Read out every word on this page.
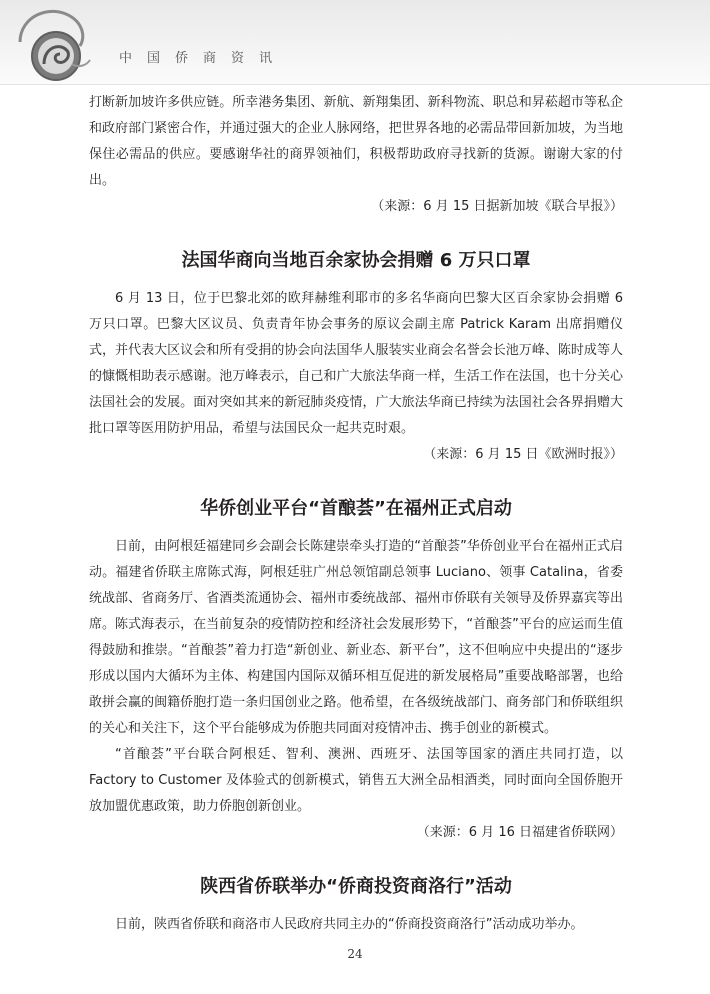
中国侨商资讯

打断新加坡许多供应链。所幸港务集团、新航、新翔集团、新科物流、职总和昇菘超市等私企和政府部门紧密合作，并通过强大的企业人脉网络，把世界各地的必需品带回新加坡，为当地保住必需品的供应。要感谢华社的商界领袖们，积极帮助政府寻找新的货源。谢谢大家的付出。

（来源：6 月 15 日据新加坡《联合早报》）

法国华商向当地百余家协会捐赠 6 万只口罩

6 月 13 日，位于巴黎北郊的欧拜赫维利耶市的多名华商向巴黎大区百余家协会捐赠 6 万只口罩。巴黎大区议员、负责青年协会事务的原议会副主席 Patrick Karam 出席捐赠仪式，并代表大区议会和所有受捐的协会向法国华人服装实业商会名誉会长池万峰、陈时成等人的慷慨相助表示感谢。池万峰表示，自己和广大旅法华商一样，生活工作在法国，也十分关心法国社会的发展。面对突如其来的新冠肺炎疫情，广大旅法华商已持续为法国社会各界捐赠大批口罩等医用防护用品，希望与法国民众一起共克时艰。

（来源：6 月 15 日《欧洲时报》）

华侨创业平台“首酿荟”在福州正式启动

日前，由阿根廷福建同乡会副会长陈建崇牵头打造的“首酿荟”华侨创业平台在福州正式启动。福建省侨联主席陈式海，阿根廷驻广州总领馆副总领事 Luciano、领事 Catalina，省委统战部、省商务厅、省酒类流通协会、福州市委统战部、福州市侨联有关领导及侨界嘉宾等出席。陈式海表示，在当前复杂的疫情防控和经济社会发展形势下，“首酿荟”平台的应运而生值得鼓励和推崇。“首酿荟”着力打造“新创业、新业态、新平台”，这不但响应中央提出的“逐步形成以国内大循环为主体、构建国内国际双循环相互促进的新发展格局”重要战略部署，也给敢拼会赢的闽籍侨胞打造一条归国创业之路。他希望，在各级统战部门、商务部门和侨联组织的关心和关注下，这个平台能够成为侨胞共同面对疫情冲击、携手创业的新模式。

“首酿荟”平台联合阿根廷、智利、澳洲、西班牙、法国等国家的酒庄共同打造，以 Factory to Customer 及体验式的创新模式，销售五大洲全品相酒类，同时面向全国侨胞开放加盟优惠政策，助力侨胞创新创业。

（来源：6 月 16 日福建省侨联网）

陕西省侨联举办“侨商投资商洛行”活动

日前，陕西省侨联和商洛市人民政府共同主办的“侨商投资商洛行”活动成功举办。

24
